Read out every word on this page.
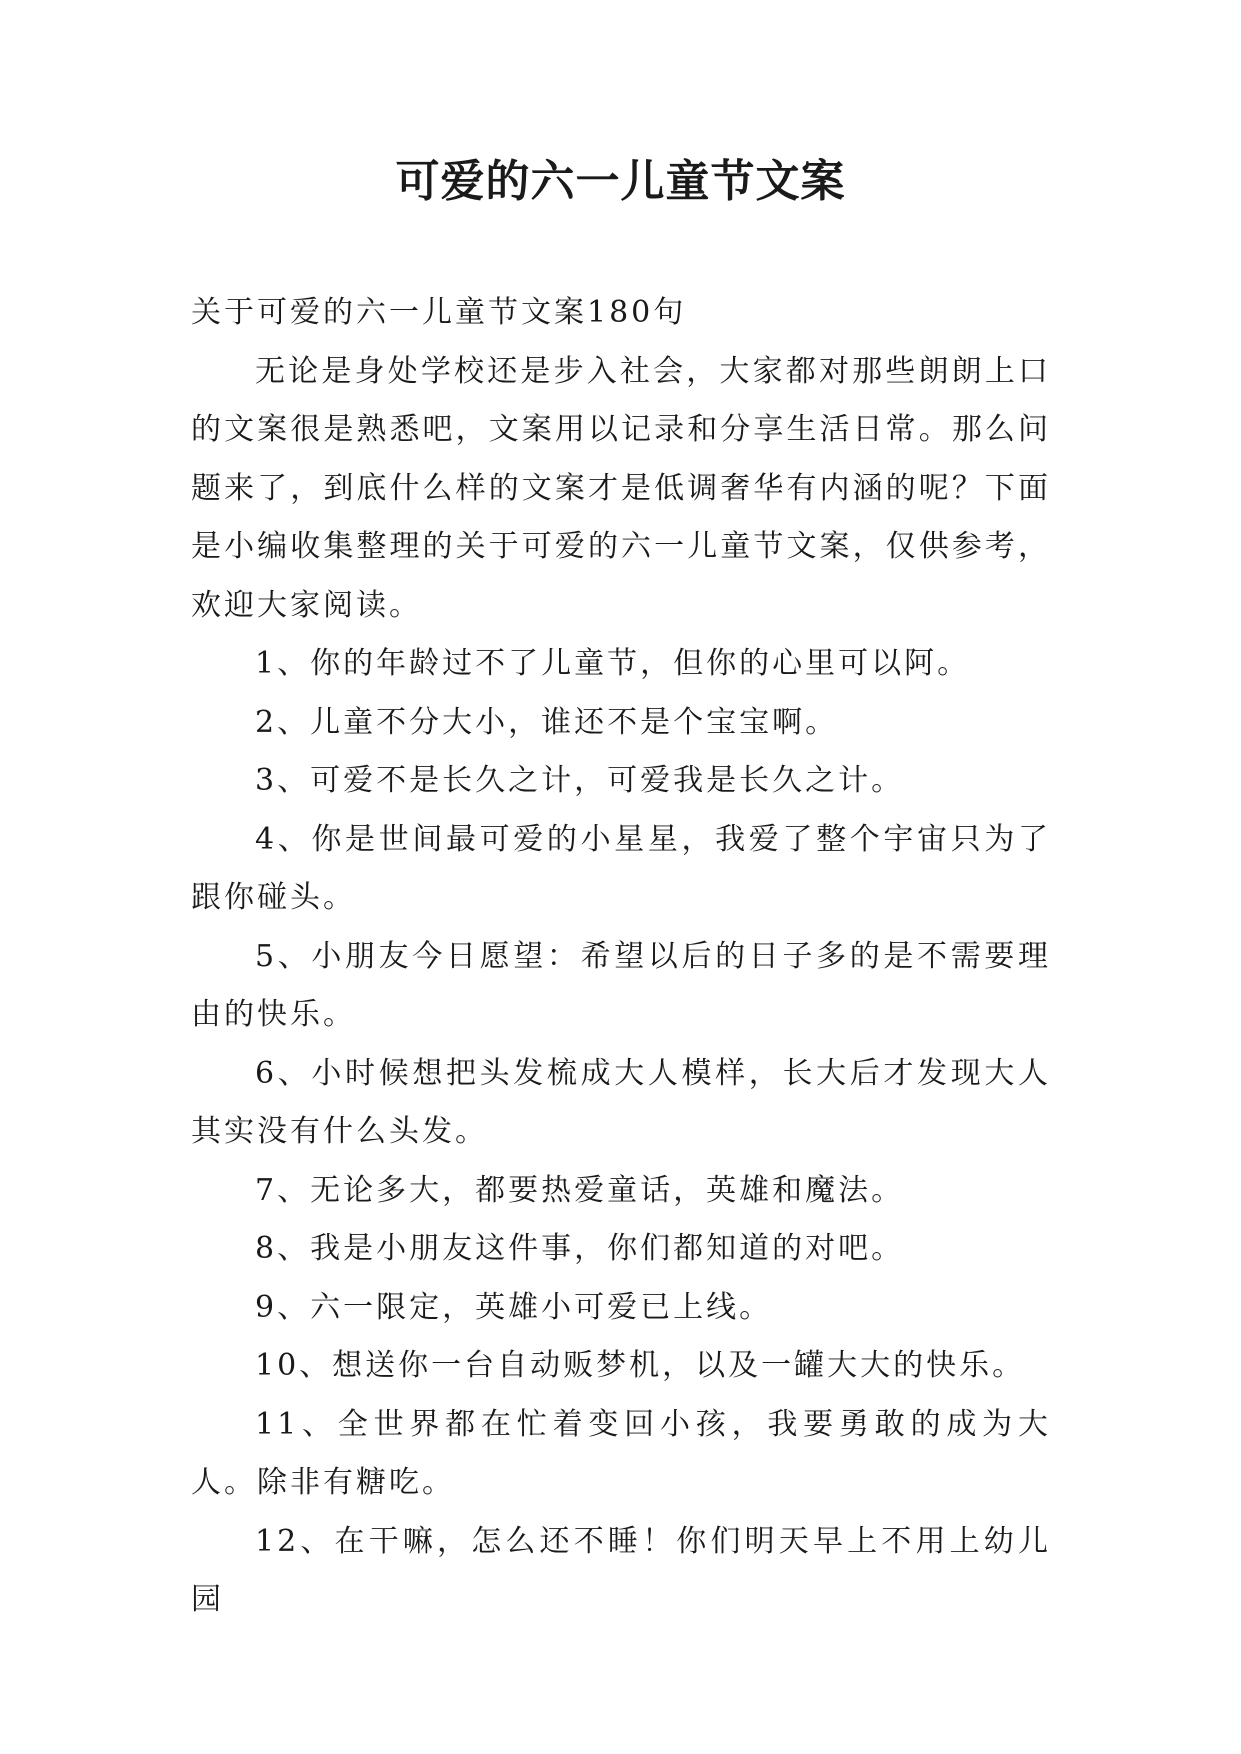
可爱的六一儿童节文案

关于可爱的六一儿童节文案180句

无论是身处学校还是步入社会，大家都对那些朗朗上口的文案很是熟悉吧，文案用以记录和分享生活日常。那么问题来了，到底什么样的文案才是低调奢华有内涵的呢？下面是小编收集整理的关于可爱的六一儿童节文案，仅供参考，欢迎大家阅读。

1、你的年龄过不了儿童节，但你的心里可以阿。

2、儿童不分大小，谁还不是个宝宝啊。

3、可爱不是长久之计，可爱我是长久之计。

4、你是世间最可爱的小星星，我爱了整个宇宙只为了跟你碰头。

5、小朋友今日愿望：希望以后的日子多的是不需要理由的快乐。

6、小时候想把头发梳成大人模样，长大后才发现大人其实没有什么头发。

7、无论多大，都要热爱童话，英雄和魔法。

8、我是小朋友这件事，你们都知道的对吧。

9、六一限定，英雄小可爱已上线。

10、想送你一台自动贩梦机，以及一罐大大的快乐。

11、全世界都在忙着变回小孩，我要勇敢的成为大人。除非有糖吃。

12、在干嘛，怎么还不睡！你们明天早上不用上幼儿园
